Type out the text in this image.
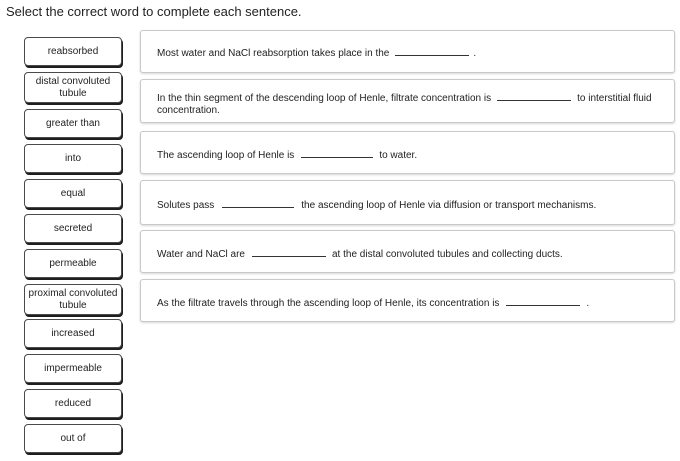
Select the correct word to complete each sentence.
reabsorbed
distal convoluted tubule
greater than
into
equal
secreted
permeable
proximal convoluted tubule
increased
impermeable
reduced
out of
Most water and NaCl reabsorption takes place in the	.
In the thin segment of the descending loop of Henle, filtrate concentration is	to interstitial fluid concentration.
The ascending loop of Henle is	to water.
Solutes pass	the ascending loop of Henle via diffusion or transport mechanisms.
Water and NaCl are	at the distal convoluted tubules and collecting ducts.
As the filtrate travels through the ascending loop of Henle, its concentration is	.
